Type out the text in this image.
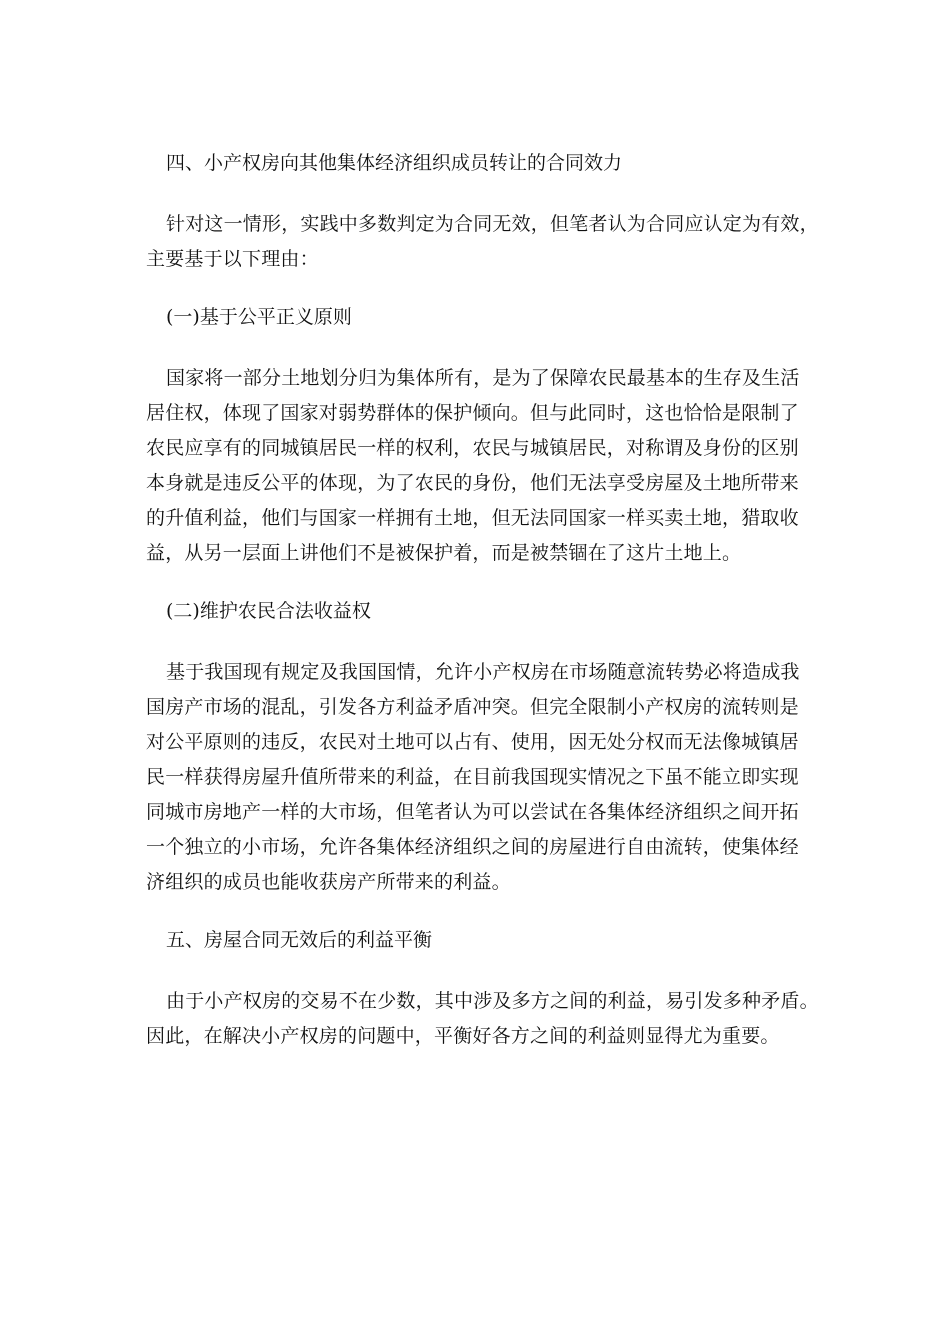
四、小产权房向其他集体经济组织成员转让的合同效力
针对这一情形，实践中多数判定为合同无效，但笔者认为合同应认定为有效，
主要基于以下理由：
(一)基于公平正义原则
国家将一部分土地划分归为集体所有，是为了保障农民最基本的生存及生活
居住权，体现了国家对弱势群体的保护倾向。但与此同时，这也恰恰是限制了
农民应享有的同城镇居民一样的权利，农民与城镇居民，对称谓及身份的区别
本身就是违反公平的体现，为了农民的身份，他们无法享受房屋及土地所带来
的升值利益，他们与国家一样拥有土地，但无法同国家一样买卖土地，猎取收
益，从另一层面上讲他们不是被保护着，而是被禁锢在了这片土地上。
(二)维护农民合法收益权
基于我国现有规定及我国国情，允许小产权房在市场随意流转势必将造成我
国房产市场的混乱，引发各方利益矛盾冲突。但完全限制小产权房的流转则是
对公平原则的违反，农民对土地可以占有、使用，因无处分权而无法像城镇居
民一样获得房屋升值所带来的利益，在目前我国现实情况之下虽不能立即实现
同城市房地产一样的大市场，但笔者认为可以尝试在各集体经济组织之间开拓
一个独立的小市场，允许各集体经济组织之间的房屋进行自由流转，使集体经
济组织的成员也能收获房产所带来的利益。
五、房屋合同无效后的利益平衡
由于小产权房的交易不在少数，其中涉及多方之间的利益，易引发多种矛盾。
因此，在解决小产权房的问题中，平衡好各方之间的利益则显得尤为重要。
